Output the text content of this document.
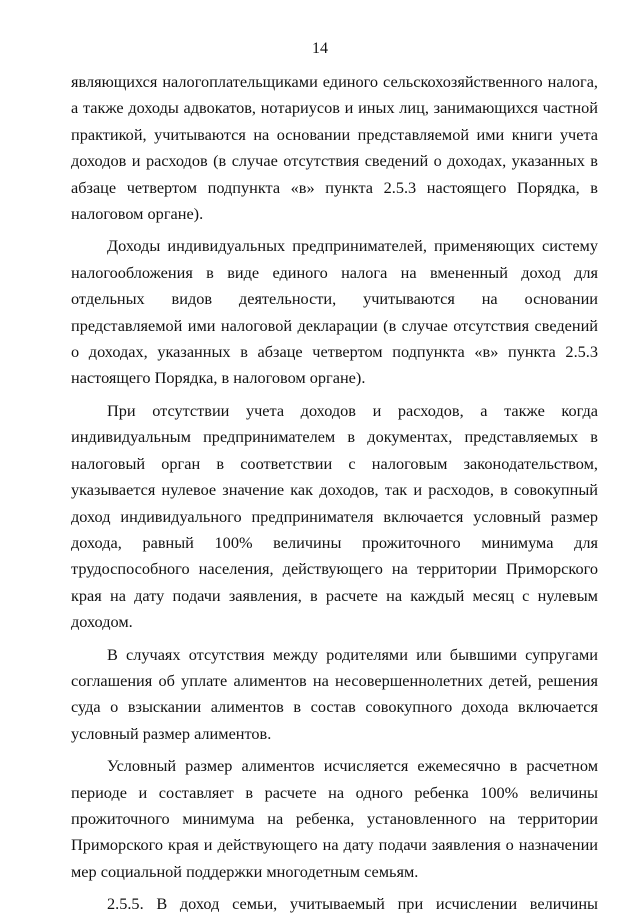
14

являющихся налогоплательщиками единого сельскохозяйственного налога, а также доходы адвокатов, нотариусов и иных лиц, занимающихся частной практикой, учитываются на основании представляемой ими книги учета доходов и расходов (в случае отсутствия сведений о доходах, указанных в абзаце четвертом подпункта «в» пункта 2.5.3 настоящего Порядка, в налоговом органе).

Доходы индивидуальных предпринимателей, применяющих систему налогообложения в виде единого налога на вмененный доход для отдельных видов деятельности, учитываются на основании представляемой ими налоговой декларации (в случае отсутствия сведений о доходах, указанных в абзаце четвертом подпункта «в» пункта 2.5.3 настоящего Порядка, в налоговом органе).

При отсутствии учета доходов и расходов, а также когда индивидуальным предпринимателем в документах, представляемых в налоговый орган в соответствии с налоговым законодательством, указывается нулевое значение как доходов, так и расходов, в совокупный доход индивидуального предпринимателя включается условный размер дохода, равный 100% величины прожиточного минимума для трудоспособного населения, действующего на территории Приморского края на дату подачи заявления, в расчете на каждый месяц с нулевым доходом.

В случаях отсутствия между родителями или бывшими супругами соглашения об уплате алиментов на несовершеннолетних детей, решения суда о взыскании алиментов в состав совокупного дохода включается условный размер алиментов.

Условный размер алиментов исчисляется ежемесячно в расчетном периоде и составляет в расчете на одного ребенка 100% величины прожиточного минимума на ребенка, установленного на территории Приморского края и действующего на дату подачи заявления о назначении мер социальной поддержки многодетным семьям.

2.5.5. В доход семьи, учитываемый при исчислении величины
